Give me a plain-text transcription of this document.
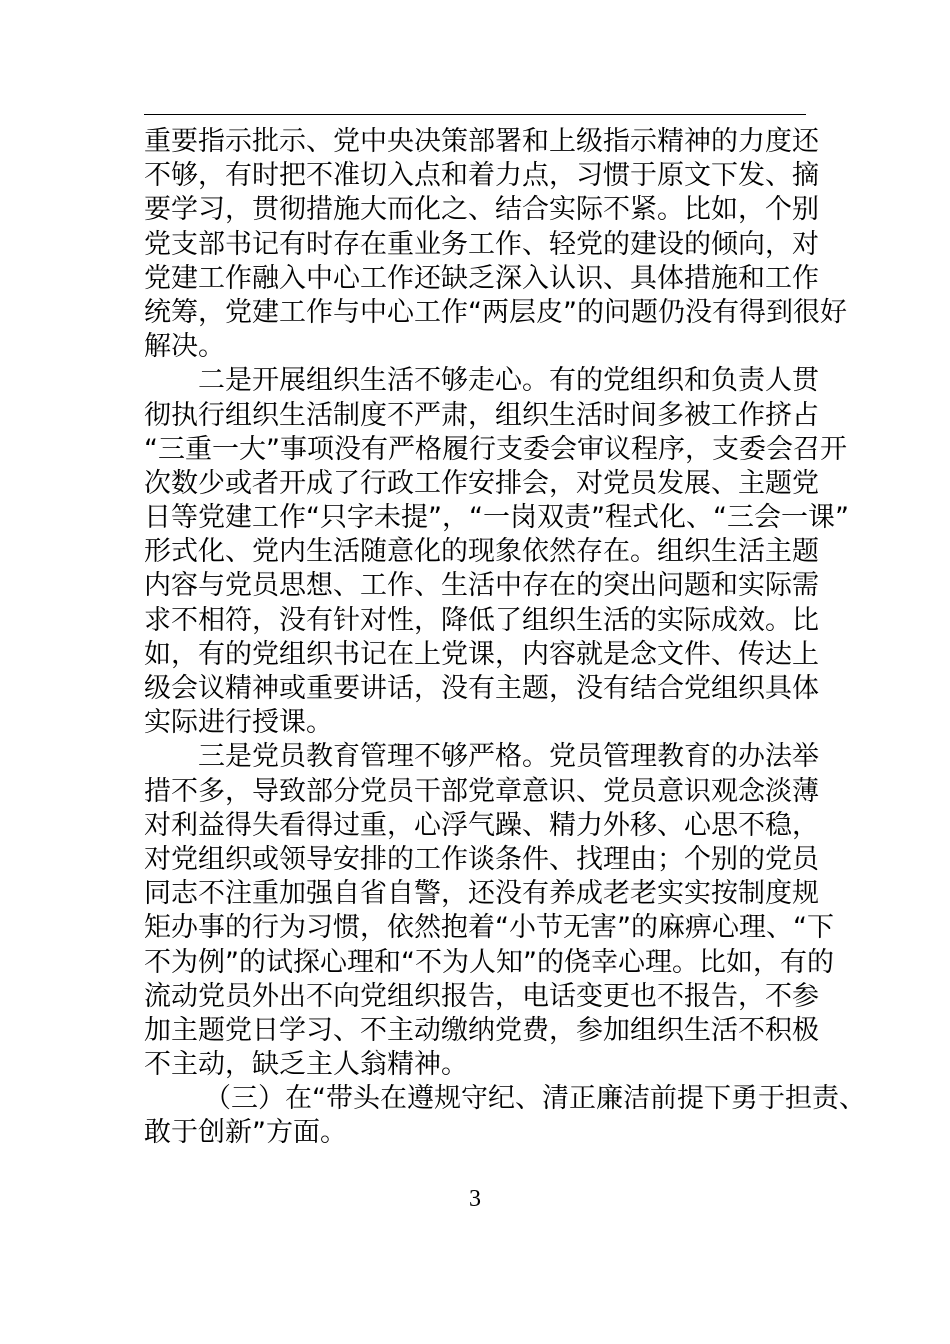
重要指示批示、党中央决策部署和上级指示精神的力度还
不够，有时把不准切入点和着力点，习惯于原文下发、摘
要学习，贯彻措施大而化之、结合实际不紧。比如，个别
党支部书记有时存在重业务工作、轻党的建设的倾向，对
党建工作融入中心工作还缺乏深入认识、具体措施和工作
统筹，党建工作与中心工作“两层皮”的问题仍没有得到很好
解决。
二是开展组织生活不够走心。有的党组织和负责人贯
彻执行组织生活制度不严肃，组织生活时间多被工作挤占
“三重一大”事项没有严格履行支委会审议程序，支委会召开
次数少或者开成了行政工作安排会，对党员发展、主题党
日等党建工作“只字未提”，“一岗双责”程式化、“三会一课”
形式化、党内生活随意化的现象依然存在。组织生活主题
内容与党员思想、工作、生活中存在的突出问题和实际需
求不相符，没有针对性，降低了组织生活的实际成效。比
如，有的党组织书记在上党课，内容就是念文件、传达上
级会议精神或重要讲话，没有主题，没有结合党组织具体
实际进行授课。
三是党员教育管理不够严格。党员管理教育的办法举
措不多，导致部分党员干部党章意识、党员意识观念淡薄
对利益得失看得过重，心浮气躁、精力外移、心思不稳，
对党组织或领导安排的工作谈条件、找理由；个别的党员
同志不注重加强自省自警，还没有养成老老实实按制度规
矩办事的行为习惯，依然抱着“小节无害”的麻痹心理、“下
不为例”的试探心理和“不为人知”的侥幸心理。比如，有的
流动党员外出不向党组织报告，电话变更也不报告，不参
加主题党日学习、不主动缴纳党费，参加组织生活不积极
不主动，缺乏主人翁精神。
（三）在“带头在遵规守纪、清正廉洁前提下勇于担责、
敢于创新”方面。
3
